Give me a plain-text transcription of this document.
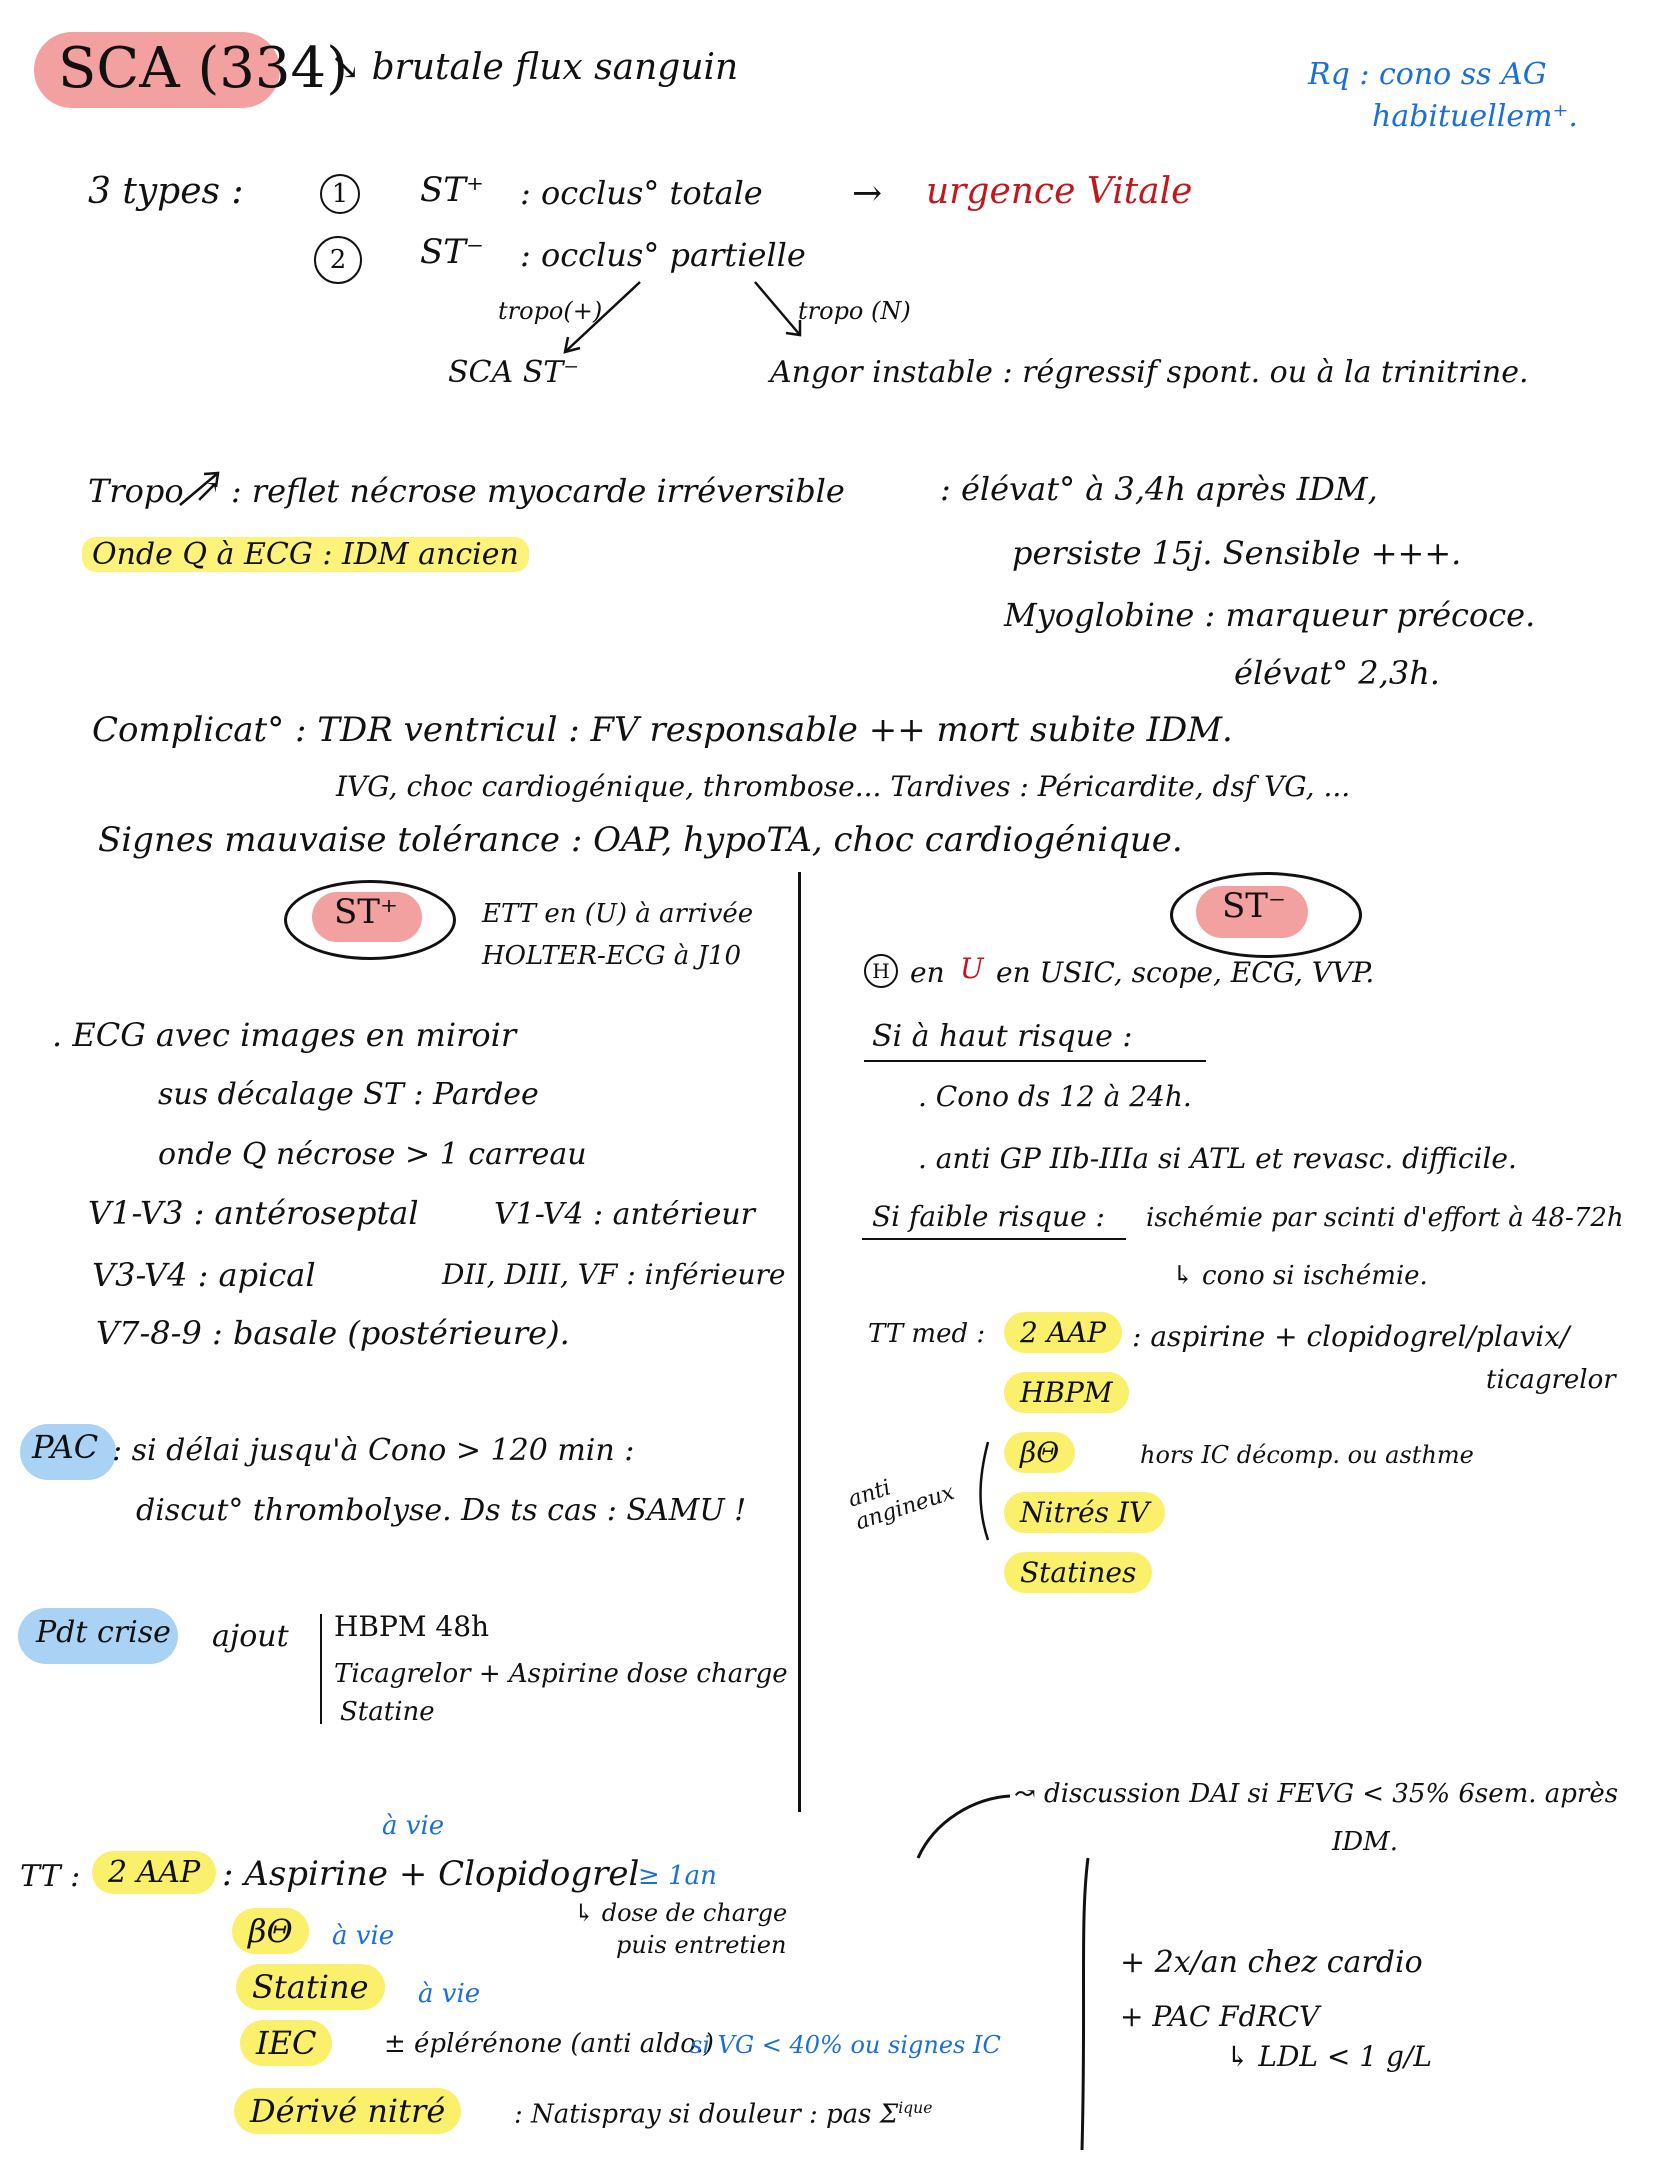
SCA (334)
↘ brutale flux sanguin	Rq : cono ss AG
habituellem⁺.
3 types :	1	ST⁺ : occlus° totale → urgence Vitale
2	ST⁻ : occlus° partielle
tropo(+)	tropo (N)
SCA ST⁻	Angor instable : régressif spont. ou à la trinitrine.
Tropo ↗ : reflet nécrose myocarde irréversible	: élévat° à 3,4h après IDM,
persiste 15j. Sensible +++.
Myoglobine : marqueur précoce.
élévat° 2,3h.
Onde Q à ECG : IDM ancien
Complicat° : TDR ventricul : FV responsable ++ mort subite IDM.
IVG, choc cardiogénique, thrombose... Tardives : Péricardite, dsf VG, ...
Signes mauvaise tolérance : OAP, hypoTA, choc cardiogénique.
ST⁺	ETT en (U) à arrivée
HOLTER-ECG à J10
. ECG avec images en miroir
sus décalage ST : Pardee
onde Q nécrose > 1 carreau
V1-V3 : antéroseptal	V1-V4 : antérieur
V3-V4 : apical	DII, DIII, VF : inférieure
V7-8-9 : basale (postérieure).
PAC : si délai jusqu'à Cono > 120 min :
discut° thrombolyse. Ds ts cas : SAMU !
Pdt crise ajout HBPM 48h
Ticagrelor + Aspirine dose charge
Statine
ST⁻
H en U en USIC, scope, ECG, VVP.
Si à haut risque :
. Cono ds 12 à 24h.
. anti GP IIb-IIIa si ATL et revasc. difficile.
Si faible risque : ischémie par scinti d'effort à 48-72h
↳ cono si ischémie.
TT med :	2 AAP : aspirine + clopidogrel/plavix/
ticagrelor
HBPM
anti angineux
βΘ	hors IC décomp. ou asthme
Nitrés IV
Statines
↝ discussion DAI si FEVG < 35% 6sem. après
IDM.
TT : 2 AAP
à vie
: Aspirine + Clopidogrel
≥ 1an
↳ dose de charge
puis entretien
βΘ	à vie
Statine	à vie
IEC	± éplérénone (anti aldo.)
si VG < 40% ou signes IC
Dérivé nitré	: Natispray si douleur : pas $\Sigma^{ique}$
+ 2x/an chez cardio
+ PAC FdRCV
↳ LDL < 1 g/L
